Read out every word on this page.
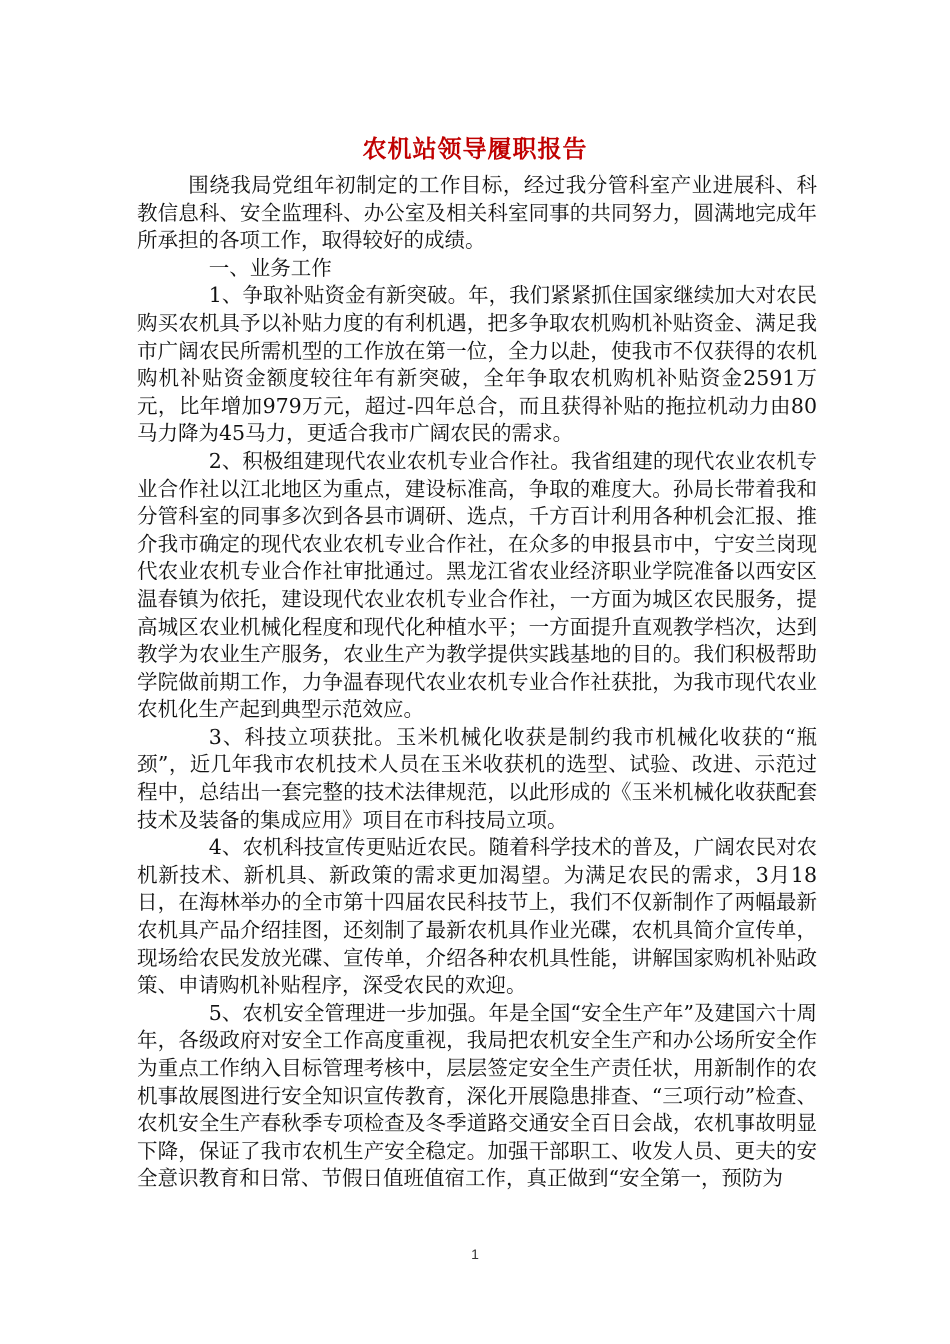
农机站领导履职报告

围绕我局党组年初制定的工作目标，经过我分管科室产业进展科、科教信息科、安全监理科、办公室及相关科室同事的共同努力，圆满地完成年所承担的各项工作，取得较好的成绩。

一、业务工作

1、争取补贴资金有新突破。年，我们紧紧抓住国家继续加大对农民购买农机具予以补贴力度的有利机遇，把多争取农机购机补贴资金、满足我市广阔农民所需机型的工作放在第一位，全力以赴，使我市不仅获得的农机购机补贴资金额度较往年有新突破，全年争取农机购机补贴资金2591万元，比年增加979万元，超过-四年总合，而且获得补贴的拖拉机动力由80马力降为45马力，更适合我市广阔农民的需求。

2、积极组建现代农业农机专业合作社。我省组建的现代农业农机专业合作社以江北地区为重点，建设标准高，争取的难度大。孙局长带着我和分管科室的同事多次到各县市调研、选点，千方百计利用各种机会汇报、推介我市确定的现代农业农机专业合作社，在众多的申报县市中，宁安兰岗现代农业农机专业合作社审批通过。黑龙江省农业经济职业学院准备以西安区温春镇为依托，建设现代农业农机专业合作社，一方面为城区农民服务，提高城区农业机械化程度和现代化种植水平；一方面提升直观教学档次，达到教学为农业生产服务，农业生产为教学提供实践基地的目的。我们积极帮助学院做前期工作，力争温春现代农业农机专业合作社获批，为我市现代农业农机化生产起到典型示范效应。

3、科技立项获批。玉米机械化收获是制约我市机械化收获的“瓶颈”，近几年我市农机技术人员在玉米收获机的选型、试验、改进、示范过程中，总结出一套完整的技术法律规范，以此形成的《玉米机械化收获配套技术及装备的集成应用》项目在市科技局立项。

4、农机科技宣传更贴近农民。随着科学技术的普及，广阔农民对农机新技术、新机具、新政策的需求更加渴望。为满足农民的需求，3月18日，在海林举办的全市第十四届农民科技节上，我们不仅新制作了两幅最新农机具产品介绍挂图，还刻制了最新农机具作业光碟，农机具简介宣传单，现场给农民发放光碟、宣传单，介绍各种农机具性能，讲解国家购机补贴政策、申请购机补贴程序，深受农民的欢迎。

5、农机安全管理进一步加强。年是全国“安全生产年”及建国六十周年，各级政府对安全工作高度重视，我局把农机安全生产和办公场所安全作为重点工作纳入目标管理考核中，层层签定安全生产责任状，用新制作的农机事故展图进行安全知识宣传教育，深化开展隐患排查、“三项行动”检查、农机安全生产春秋季专项检查及冬季道路交通安全百日会战，农机事故明显下降，保证了我市农机生产安全稳定。加强干部职工、收发人员、更夫的安全意识教育和日常、节假日值班值宿工作，真正做到“安全第一，预防为

1
